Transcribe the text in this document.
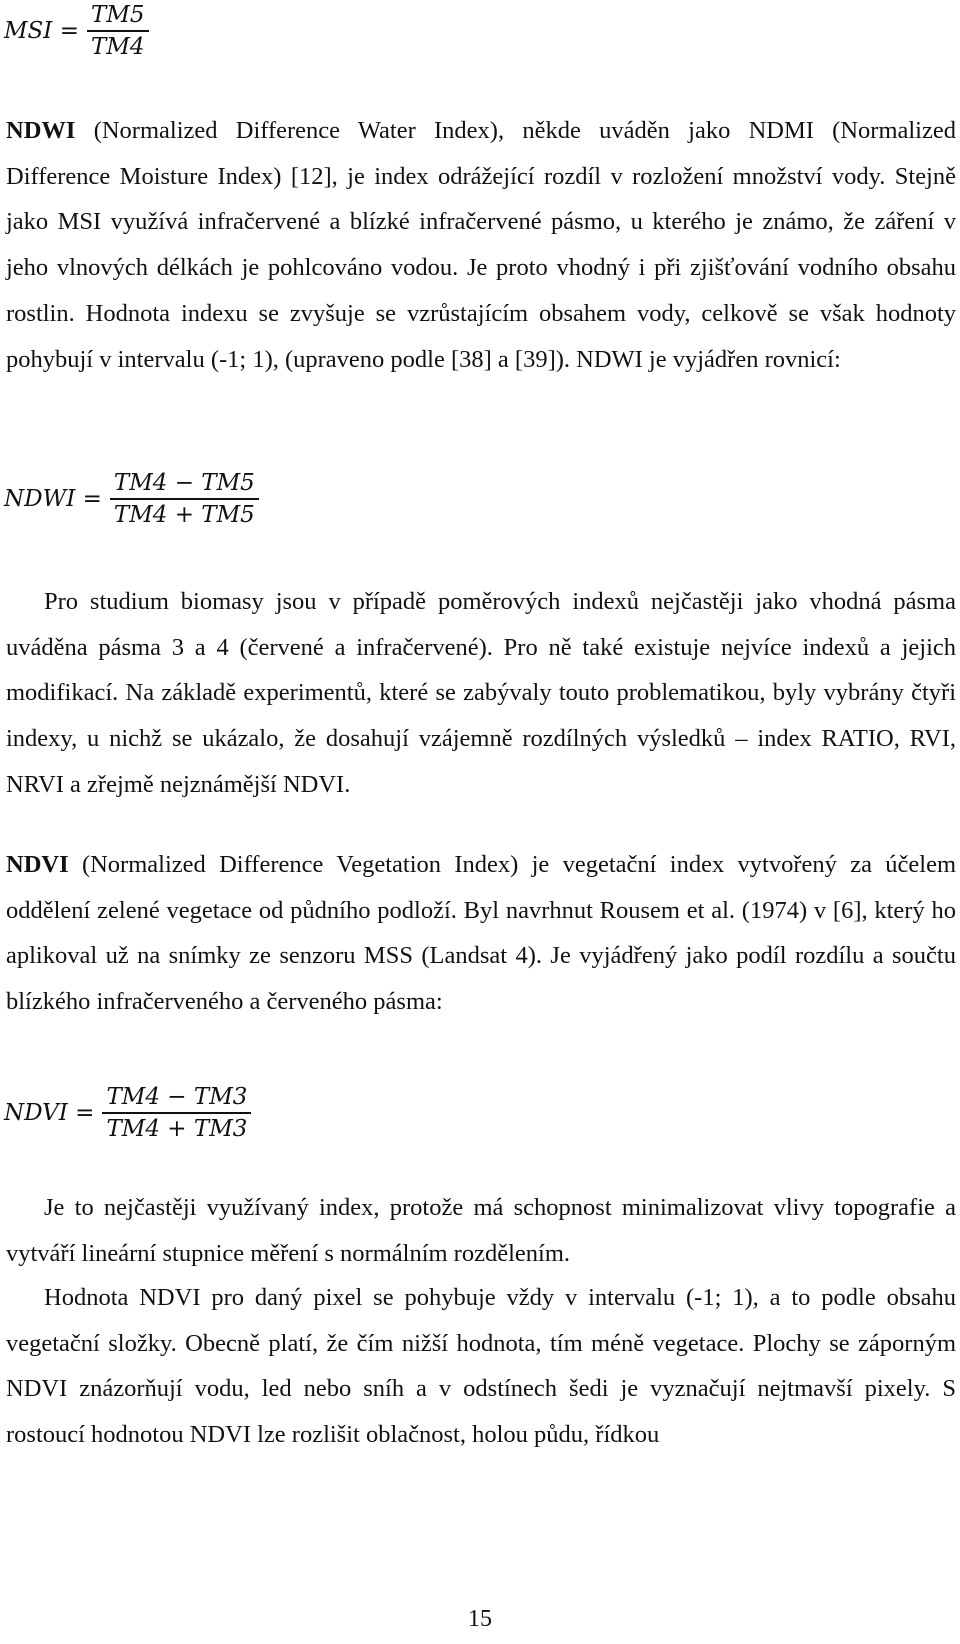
MSI = $\frac{TM5}{TM4}$

NDWI (Normalized Difference Water Index), někde uváděn jako NDMI (Normalized Difference Moisture Index) [12], je index odrážející rozdíl v rozložení množství vody. Stejně jako MSI využívá infračervené a blízké infračervené pásmo, u kterého je známo, že záření v jeho vlnových délkách je pohlcováno vodou. Je proto vhodný i při zjišťování vodního obsahu rostlin. Hodnota indexu se zvyšuje se vzrůstajícím obsahem vody, celkově se však hodnoty pohybují v intervalu (-1; 1), (upraveno podle [38] a [39]). NDWI je vyjádřen rovnicí:

NDWI = $\frac{TM4 - TM5}{TM4 + TM5}$

Pro studium biomasy jsou v případě poměrových indexů nejčastěji jako vhodná pásma uváděna pásma 3 a 4 (červené a infračervené). Pro ně také existuje nejvíce indexů a jejich modifikací. Na základě experimentů, které se zabývaly touto problematikou, byly vybrány čtyři indexy, u nichž se ukázalo, že dosahují vzájemně rozdílných výsledků – index RATIO, RVI, NRVI a zřejmě nejznámější NDVI.

NDVI (Normalized Difference Vegetation Index) je vegetační index vytvořený za účelem oddělení zelené vegetace od půdního podloží. Byl navrhnut Rousem et al. (1974) v [6], který ho aplikoval už na snímky ze senzoru MSS (Landsat 4). Je vyjádřený jako podíl rozdílu a součtu blízkého infračerveného a červeného pásma:

NDVI = $\frac{TM4 - TM3}{TM4 + TM3}$

Je to nejčastěji využívaný index, protože má schopnost minimalizovat vlivy topografie a vytváří lineární stupnice měření s normálním rozdělením.

Hodnota NDVI pro daný pixel se pohybuje vždy v intervalu (-1; 1), a to podle obsahu vegetační složky. Obecně platí, že čím nižší hodnota, tím méně vegetace. Plochy se záporným NDVI znázorňují vodu, led nebo sníh a v odstínech šedi je vyznačují nejtmavší pixely. S rostoucí hodnotou NDVI lze rozlišit oblačnost, holou půdu, řídkou

15
